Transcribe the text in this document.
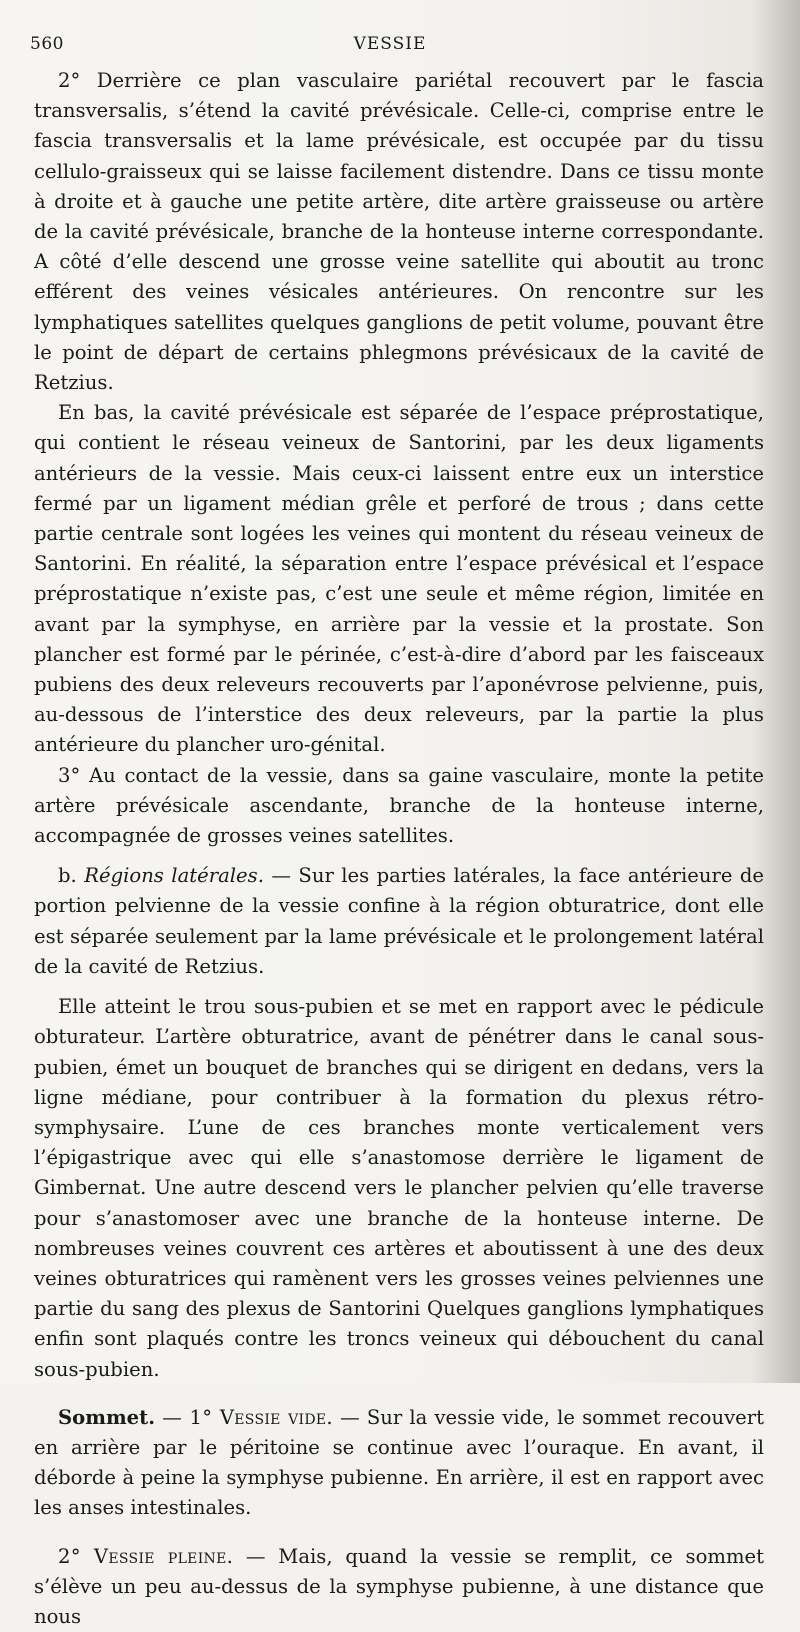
560	VESSIE

2° Derrière ce plan vasculaire pariétal recouvert par le fascia transversalis, s’étend la cavité prévésicale. Celle-ci, comprise entre le fascia transversalis et la lame prévésicale, est occupée par du tissu cellulo-graisseux qui se laisse facilement distendre. Dans ce tissu monte à droite et à gauche une petite artère, dite artère graisseuse ou artère de la cavité prévésicale, branche de la honteuse interne correspondante. A côté d’elle descend une grosse veine satellite qui aboutit au tronc efférent des veines vésicales antérieures. On rencontre sur les lymphatiques satellites quelques ganglions de petit volume, pouvant être le point de départ de certains phlegmons prévésicaux de la cavité de Retzius.

En bas, la cavité prévésicale est séparée de l’espace préprostatique, qui contient le réseau veineux de Santorini, par les deux ligaments antérieurs de la vessie. Mais ceux-ci laissent entre eux un interstice fermé par un ligament médian grêle et perforé de trous ; dans cette partie centrale sont logées les veines qui montent du réseau veineux de Santorini. En réalité, la séparation entre l’espace prévésical et l’espace préprostatique n’existe pas, c’est une seule et même région, limitée en avant par la symphyse, en arrière par la vessie et la prostate. Son plancher est formé par le périnée, c’est-à-dire d’abord par les faisceaux pubiens des deux releveurs recouverts par l’aponévrose pelvienne, puis, au-dessous de l’interstice des deux releveurs, par la partie la plus antérieure du plancher uro-génital.

3° Au contact de la vessie, dans sa gaine vasculaire, monte la petite artère prévésicale ascendante, branche de la honteuse interne, accompagnée de grosses veines satellites.

b. Régions latérales. — Sur les parties latérales, la face antérieure de portion pelvienne de la vessie confine à la région obturatrice, dont elle est séparée seulement par la lame prévésicale et le prolongement latéral de la cavité de Retzius.

Elle atteint le trou sous-pubien et se met en rapport avec le pédicule obturateur. L’artère obturatrice, avant de pénétrer dans le canal sous-pubien, émet un bouquet de branches qui se dirigent en dedans, vers la ligne médiane, pour contribuer à la formation du plexus rétro-symphysaire. L’une de ces branches monte verticalement vers l’épigastrique avec qui elle s’anastomose derrière le ligament de Gimbernat. Une autre descend vers le plancher pelvien qu’elle traverse pour s’anastomoser avec une branche de la honteuse interne. De nombreuses veines couvrent ces artères et aboutissent à une des deux veines obturatrices qui ramènent vers les grosses veines pelviennes une partie du sang des plexus de Santorini Quelques ganglions lymphatiques enfin sont plaqués contre les troncs veineux qui débouchent du canal sous-pubien.

Sommet. — 1° Vessie vide. — Sur la vessie vide, le sommet recouvert en arrière par le péritoine se continue avec l’ouraque. En avant, il déborde à peine la symphyse pubienne. En arrière, il est en rapport avec les anses intestinales.

2° Vessie pleine. — Mais, quand la vessie se remplit, ce sommet s’élève un peu au-dessus de la symphyse pubienne, à une distance que nous
